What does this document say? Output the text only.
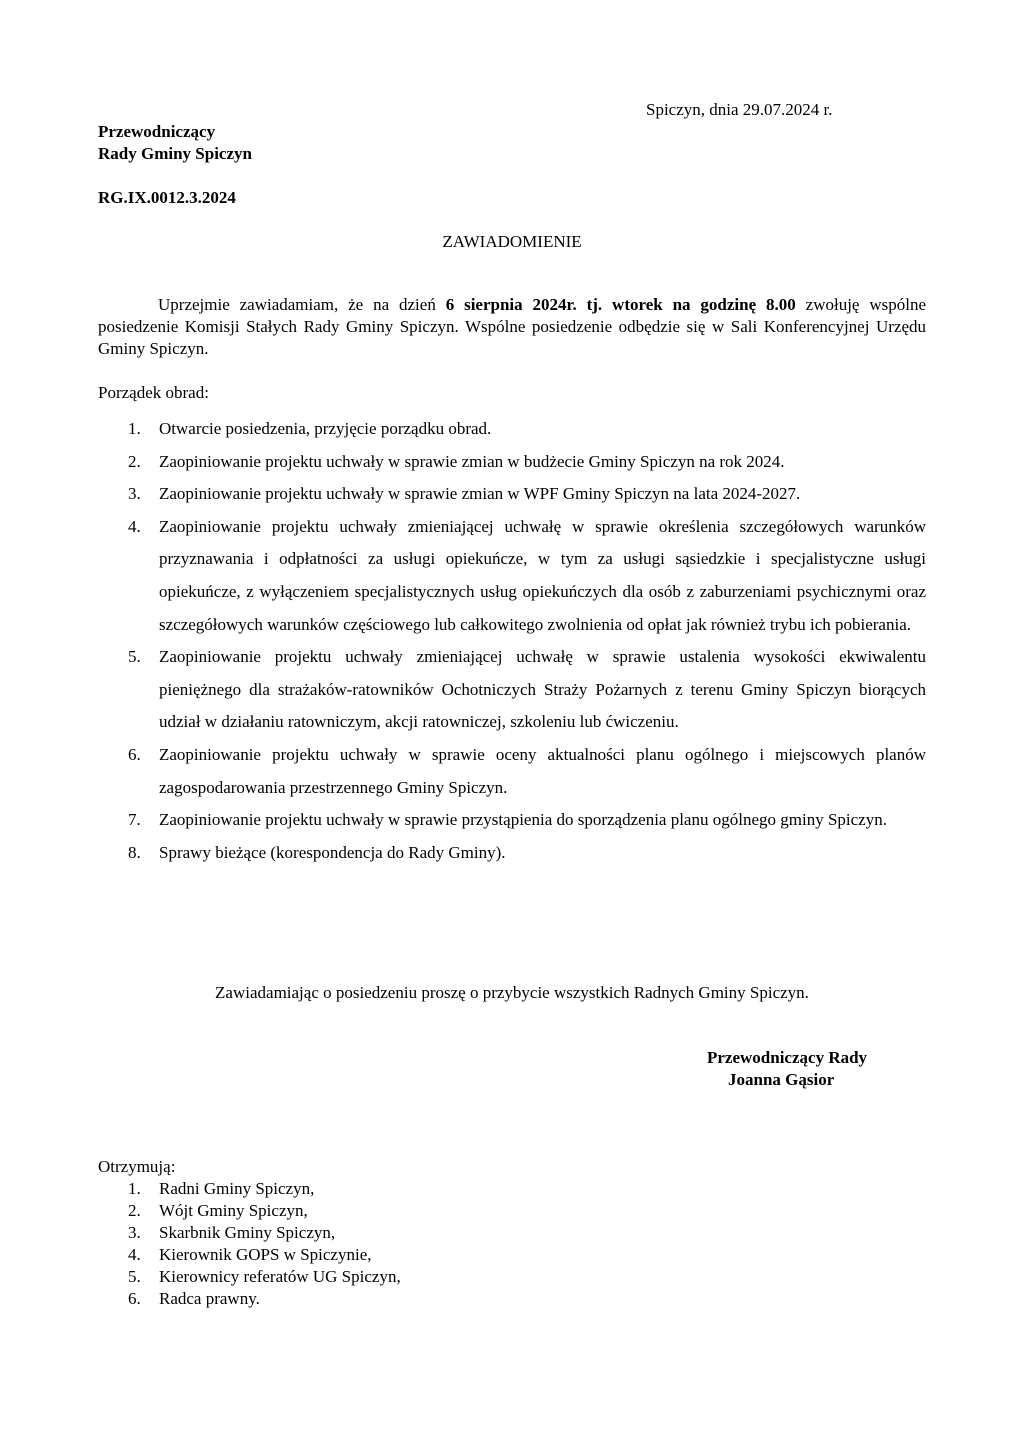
Spiczyn, dnia 29.07.2024 r.
Przewodniczący
Rady Gminy Spiczyn
RG.IX.0012.3.2024
ZAWIADOMIENIE

Uprzejmie zawiadamiam, że na dzień 6 sierpnia 2024r. tj. wtorek na godzinę 8.00 zwołuję wspólne posiedzenie Komisji Stałych Rady Gminy Spiczyn. Wspólne posiedzenie odbędzie się w Sali Konferencyjnej Urzędu Gminy Spiczyn.

Porządek obrad:
1. Otwarcie posiedzenia, przyjęcie porządku obrad.
2. Zaopiniowanie projektu uchwały w sprawie zmian w budżecie Gminy Spiczyn na rok 2024.
3. Zaopiniowanie projektu uchwały w sprawie zmian w WPF Gminy Spiczyn na lata 2024-2027.
4. Zaopiniowanie projektu uchwały zmieniającej uchwałę w sprawie określenia szczegółowych warunków przyznawania i odpłatności za usługi opiekuńcze, w tym za usługi sąsiedzkie i specjalistyczne usługi opiekuńcze, z wyłączeniem specjalistycznych usług opiekuńczych dla osób z zaburzeniami psychicznymi oraz szczegółowych warunków częściowego lub całkowitego zwolnienia od opłat jak również trybu ich pobierania.
5. Zaopiniowanie projektu uchwały zmieniającej uchwałę w sprawie ustalenia wysokości ekwiwalentu pieniężnego dla strażaków-ratowników Ochotniczych Straży Pożarnych z terenu Gminy Spiczyn biorących udział w działaniu ratowniczym, akcji ratowniczej, szkoleniu lub ćwiczeniu.
6. Zaopiniowanie projektu uchwały w sprawie oceny aktualności planu ogólnego i miejscowych planów zagospodarowania przestrzennego Gminy Spiczyn.
7. Zaopiniowanie projektu uchwały w sprawie przystąpienia do sporządzenia planu ogólnego gminy Spiczyn.
8. Sprawy bieżące (korespondencja do Rady Gminy).
Zawiadamiając o posiedzeniu proszę o przybycie wszystkich Radnych Gminy Spiczyn.
Przewodniczący Rady
Joanna Gąsior
Otrzymują:
1. Radni Gminy Spiczyn,
2. Wójt Gminy Spiczyn,
3. Skarbnik Gminy Spiczyn,
4. Kierownik GOPS w Spiczynie,
5. Kierownicy referatów UG Spiczyn,
6. Radca prawny.
